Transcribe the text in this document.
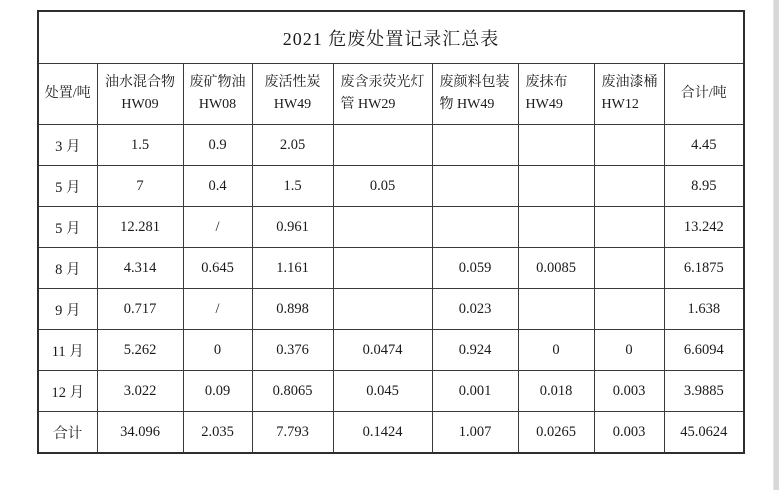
2021 危废处置记录汇总表								
处置/吨	油水混合物 HW09	废矿物油 HW08	废活性炭 HW49	废含汞荧光灯管 HW29	废颜料包装物 HW49	废抹布 HW49	废油漆桶 HW12	合计/吨
3 月	1.5	0.9	2.05					4.45
5 月	7	0.4	1.5	0.05				8.95
5 月	12.281	/	0.961					13.242
8 月	4.314	0.645	1.161		0.059	0.0085		6.1875
9 月	0.717	/	0.898		0.023			1.638
11 月	5.262	0	0.376	0.0474	0.924	0	0	6.6094
12 月	3.022	0.09	0.8065	0.045	0.001	0.018	0.003	3.9885
合计	34.096	2.035	7.793	0.1424	1.007	0.0265	0.003	45.0624
